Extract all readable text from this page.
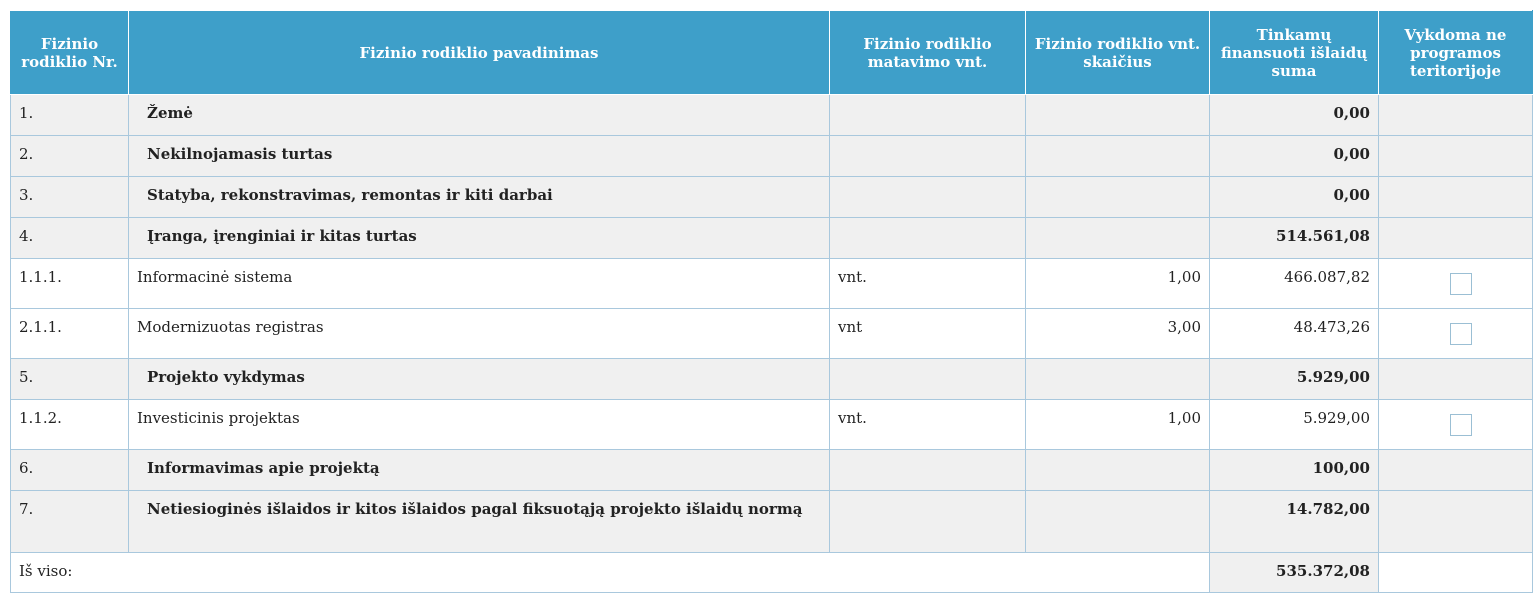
Fizinio rodiklio Nr.	Fizinio rodiklio pavadinimas	Fizinio rodiklio matavimo vnt.	Fizinio rodiklio vnt. skaičius	Tinkamų finansuoti išlaidų suma	Vykdoma ne programos teritorijoje
1.	Žemė			0,00	
2.	Nekilnojamasis turtas			0,00	
3.	Statyba, rekonstravimas, remontas ir kiti darbai			0,00	
4.	Įranga, įrenginiai ir kitas turtas			514.561,08	
1.1.1.	Informacinė sistema	vnt.	1,00	466.087,82	
2.1.1.	Modernizuotas registras	vnt	3,00	48.473,26	
5.	Projekto vykdymas			5.929,00	
1.1.2.	Investicinis projektas	vnt.	1,00	5.929,00	
6.	Informavimas apie projektą			100,00	
7.	Netiesioginės išlaidos ir kitos išlaidos pagal fiksuotąją projekto išlaidų normą			14.782,00	
Iš viso:				535.372,08	
